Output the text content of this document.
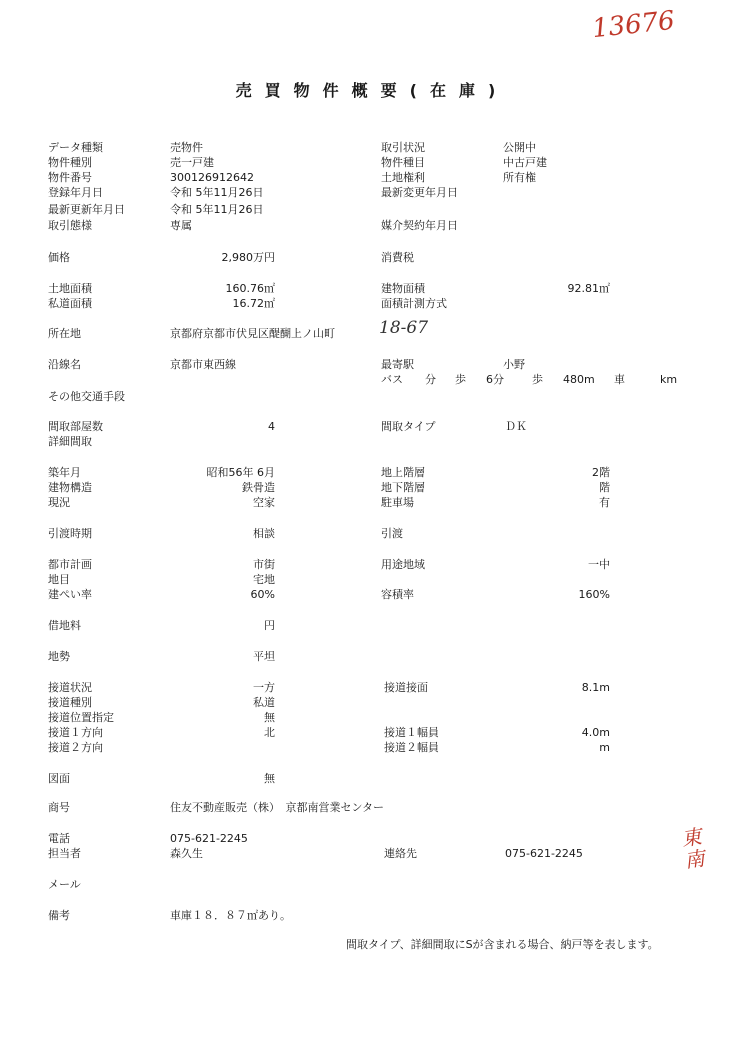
13676
東南
18-67
売買物件概要(在庫)
データ種類	売物件
物件種別	売一戸建
物件番号	300126912642
登録年月日	令和 5年11月26日
最新更新年月日	令和 5年11月26日
取引態様	専属
取引状況	公開中
物件種目	中古戸建
土地権利	所有権
最新変更年月日
媒介契約年月日
価格	2,980万円	消費税
土地面積	160.76㎡
私道面積	16.72㎡
建物面積	92.81㎡
面積計測方式
所在地	京都府京都市伏見区醍醐上ノ山町
沿線名	京都市東西線	最寄駅	小野
バス 分 歩 6分	歩 480m 車	km
その他交通手段
間取部屋数	4	間取タイプ	ＤＫ
詳細間取
築年月	昭和56年 6月
建物構造	鉄骨造
現況	空家
地上階層	2階
地下階層	階
駐車場	有
引渡時期	相談	引渡
都市計画	市街
地目	宅地
建ぺい率	60%
用途地域	一中
容積率	160%
借地料	円
地勢	平坦
接道状況	一方
接道種別	私道
接道位置指定	無
接道１方向	北
接道２方向
接道接面	8.1m
接道１幅員	4.0m
接道２幅員	m
図面	無
商号	住友不動産販売（株）　京都南営業センター
電話	075-621-2245
担当者	森久生	連絡先	075-621-2245
メール
備考	車庫１８．８７㎡あり。
間取タイプ、詳細間取にSが含まれる場合、納戸等を表します。
